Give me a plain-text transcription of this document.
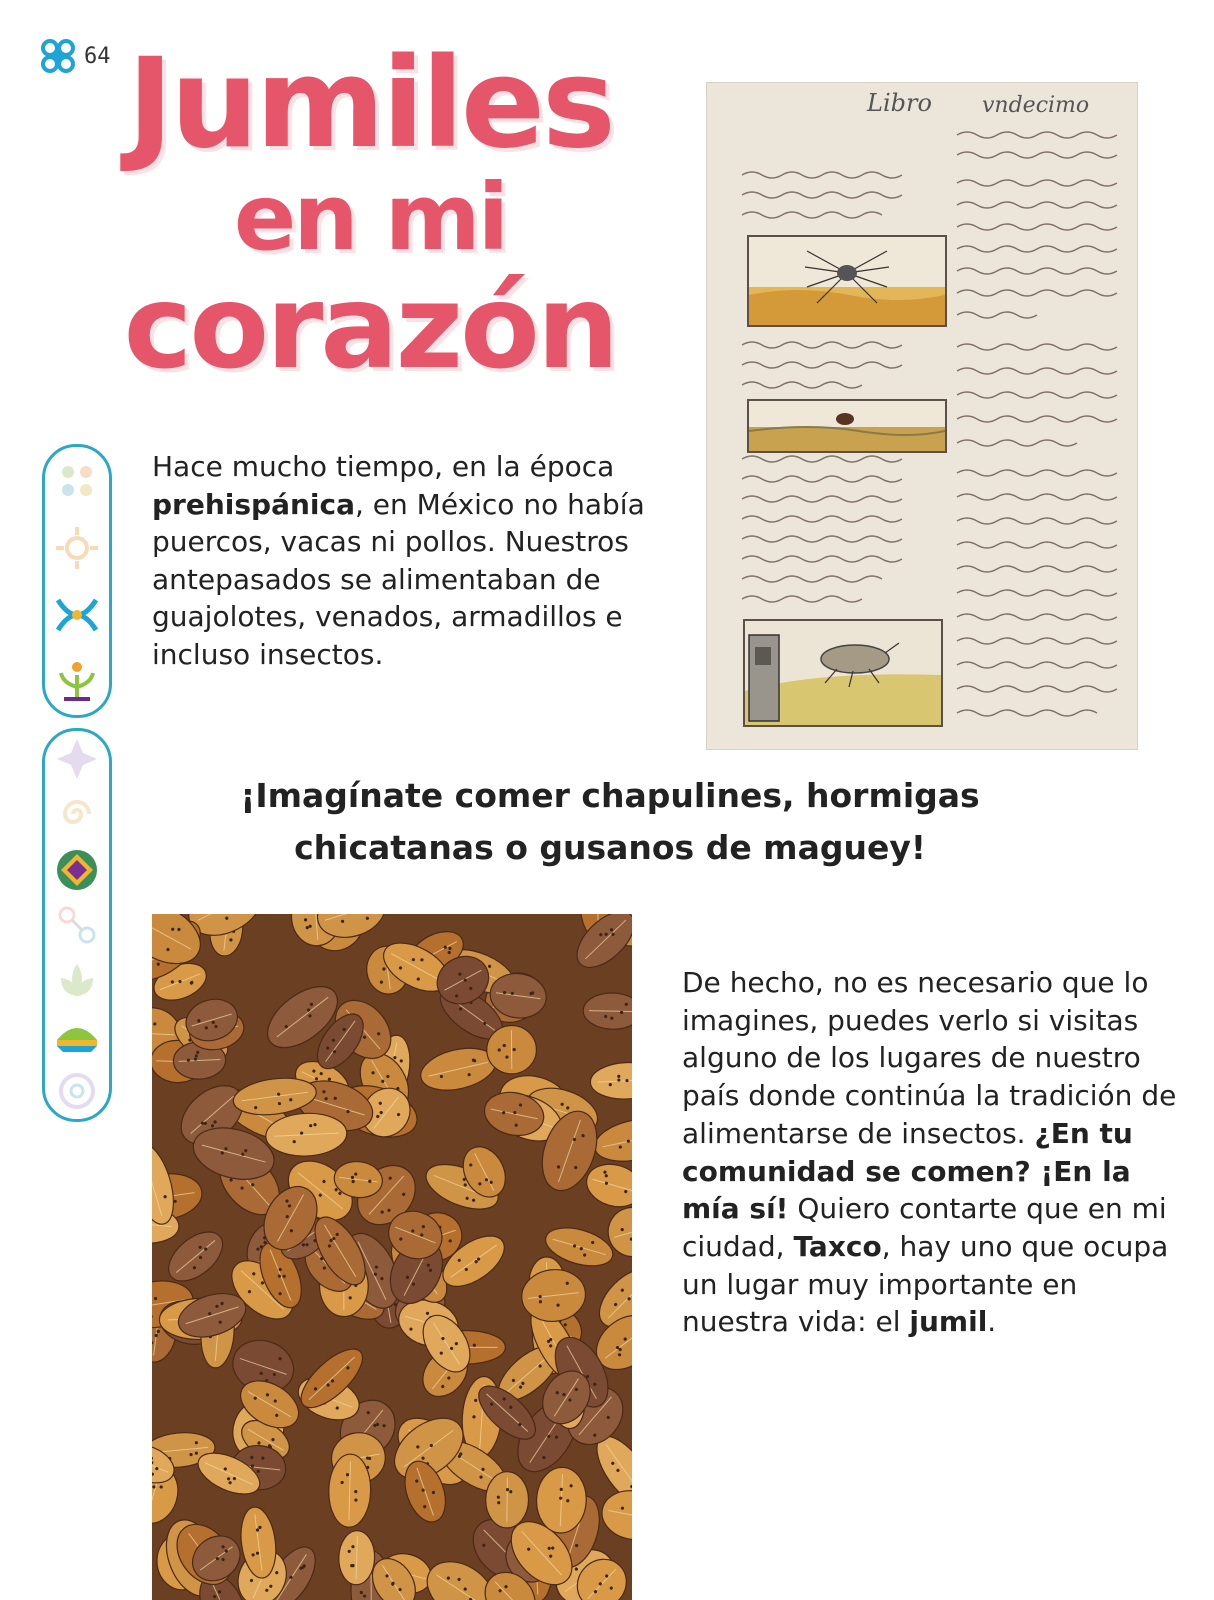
64 Jumiles
en mi
corazón
Libro vndecimo

Hace mucho tiempo, en la época prehispánica, en México no había puercos, vacas ni pollos. Nuestros antepasados se alimentaban de guajolotes, venados, armadillos e incluso insectos.

¡Imagínate comer chapulines, hormigas
chicatanas o gusanos de maguey!

De hecho, no es necesario que lo imagines, puedes verlo si visitas alguno de los lugares de nuestro país donde continúa la tradición de alimentarse de insectos. ¿En tu comunidad se comen? ¡En la mía sí! Quiero contarte que en mi ciudad, Taxco, hay uno que ocupa un lugar muy importante en nuestra vida: el jumil.
